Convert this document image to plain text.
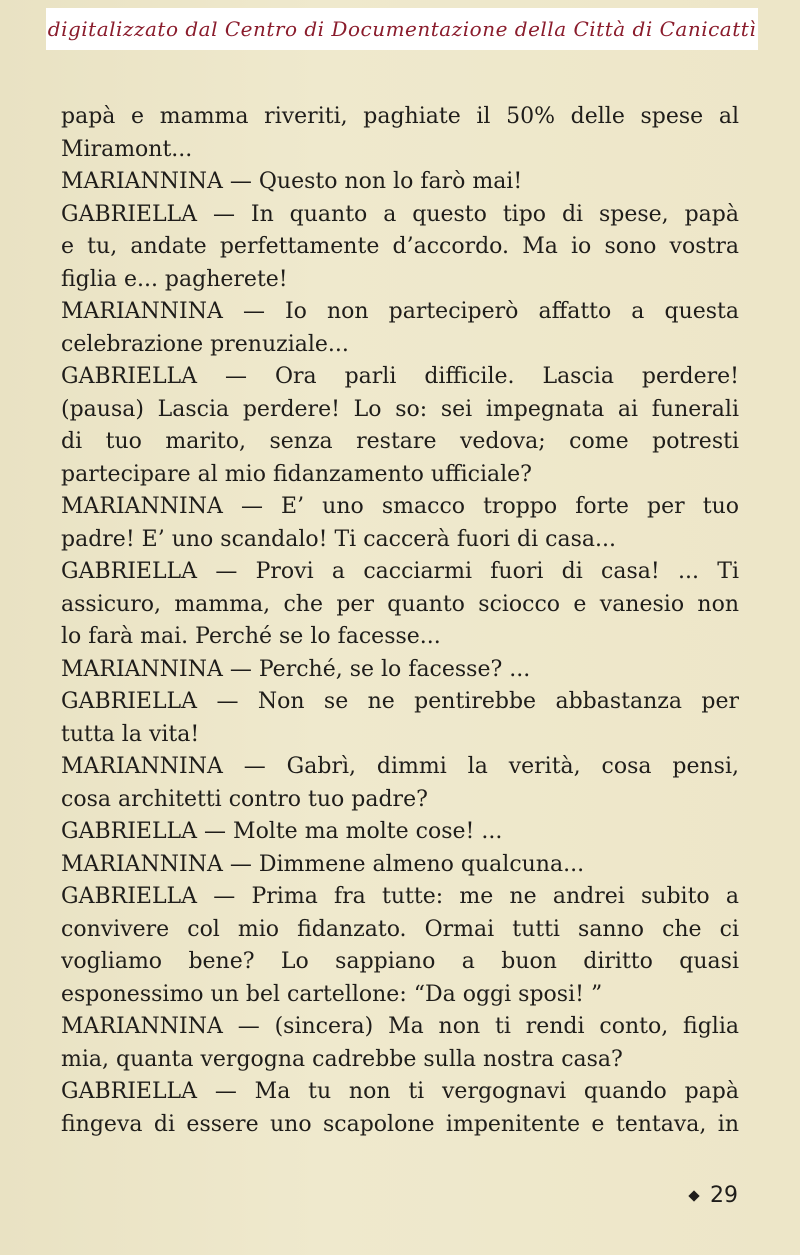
digitalizzato dal Centro di Documentazione della Città di Canicattì
papà e mamma riveriti, paghiate il 50% delle spese al
Miramont...
MARIANNINA — Questo non lo farò mai!
GABRIELLA — In quanto a questo tipo di spese, papà
e tu, andate perfettamente d’accordo. Ma io sono vostra
figlia e... pagherete!
MARIANNINA — Io non parteciperò affatto a questa
celebrazione prenuziale...
GABRIELLA — Ora parli difficile. Lascia perdere!
(pausa) Lascia perdere! Lo so: sei impegnata ai funerali
di tuo marito, senza restare vedova; come potresti
partecipare al mio fidanzamento ufficiale?
MARIANNINA — E’ uno smacco troppo forte per tuo
padre! E’ uno scandalo! Ti caccerà fuori di casa...
GABRIELLA — Provi a cacciarmi fuori di casa! ... Ti
assicuro, mamma, che per quanto sciocco e vanesio non
lo farà mai. Perché se lo facesse...
MARIANNINA — Perché, se lo facesse? ...
GABRIELLA — Non se ne pentirebbe abbastanza per
tutta la vita!
MARIANNINA — Gabrì, dimmi la verità, cosa pensi,
cosa architetti contro tuo padre?
GABRIELLA — Molte ma molte cose! ...
MARIANNINA — Dimmene almeno qualcuna...
GABRIELLA — Prima fra tutte: me ne andrei subito a
convivere col mio fidanzato. Ormai tutti sanno che ci
vogliamo bene? Lo sappiano a buon diritto quasi
esponessimo un bel cartellone: “Da oggi sposi! ”
MARIANNINA — (sincera) Ma non ti rendi conto, figlia
mia, quanta vergogna cadrebbe sulla nostra casa?
GABRIELLA — Ma tu non ti vergognavi quando papà
fingeva di essere uno scapolone impenitente e tentava, in
29
